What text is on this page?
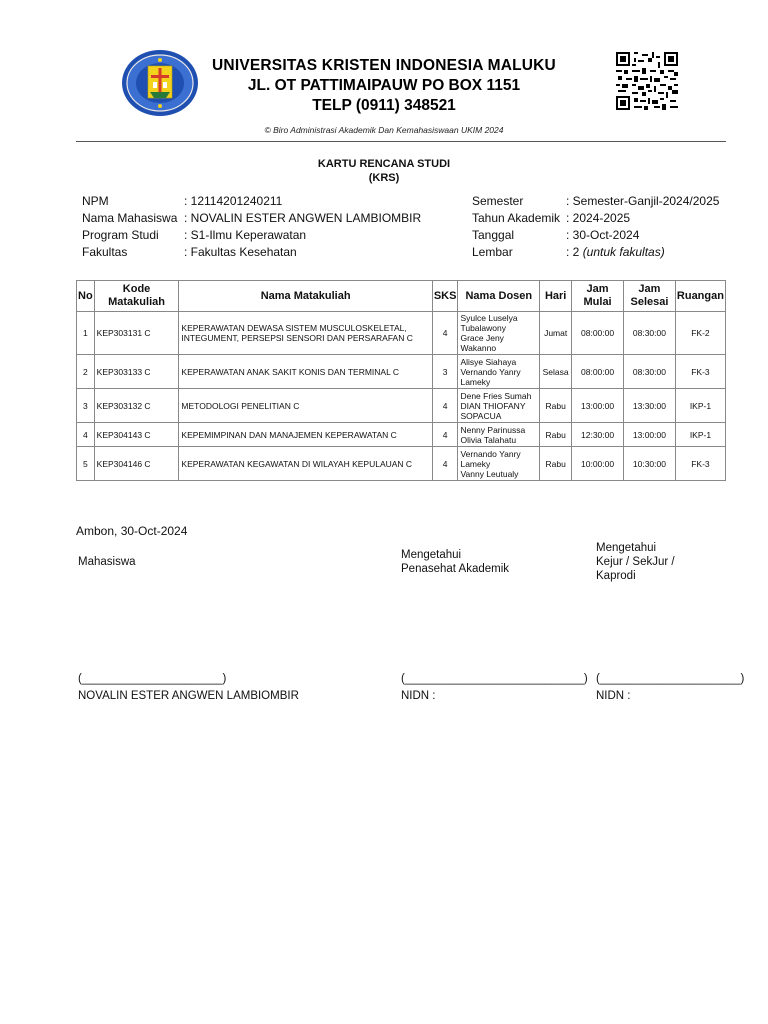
UNIVERSITAS KRISTEN INDONESIA MALUKU
JL. OT PATTIMAIPAUW PO BOX 1151
TELP (0911) 348521
© Biro Administrasi Akademik Dan Kemahasiswaan UKIM 2024
KARTU RENCANA STUDI
(KRS)
NPM	: 12114201240211
Nama Mahasiswa : NOVALIN ESTER ANGWEN LAMBIOMBIR
Program Studi	: S1-Ilmu Keperawatan
Fakultas	: Fakultas Kesehatan
Semester	: Semester-Ganjil-2024/2025
Tahun Akademik : 2024-2025
Tanggal	: 30-Oct-2024
Lembar	: 2 (untuk fakultas)
No	Kode Matakuliah	Nama Matakuliah	SKS	Nama Dosen	Hari	Jam Mulai	Jam Selesai	Ruangan
1	KEP303131 C	KEPERAWATAN DEWASA SISTEM MUSCULOSKELETAL, INTEGUMENT, PERSEPSI SENSORI DAN PERSARAFAN C	4	Syulce Luselya
Tubalawony
Grace Jeny
Wakanno	Jumat	08:00:00	08:30:00	FK-2
2	KEP303133 C	KEPERAWATAN ANAK SAKIT KONIS DAN TERMINAL C	3	Alisye Siahaya
Vernando Yanry
Lameky	Selasa	08:00:00	08:30:00	FK-3
3	KEP303132 C	METODOLOGI PENELITIAN C	4	Dene Fries Sumah
DIAN THIOFANY
SOPACUA	Rabu	13:00:00	13:30:00	IKP-1
4	KEP304143 C	KEPEMIMPINAN DAN MANAJEMEN KEPERAWATAN C	4	Nenny Parinussa
Olivia Talahatu	Rabu	12:30:00	13:00:00	IKP-1
5	KEP304146 C	KEPERAWATAN KEGAWATAN DI WILAYAH KEPULAUAN C	4	Vernando Yanry
Lameky
Vanny Leutualy	Rabu	10:00:00	10:30:00	FK-3
Ambon, 30-Oct-2024
Mahasiswa
Mengetahui
Penasehat Akademik
Mengetahui
Kejur / SekJur /
Kaprodi
(______________________)
NOVALIN ESTER ANGWEN LAMBIOMBIR
(____________________________)
NIDN :
(______________________)
NIDN :
